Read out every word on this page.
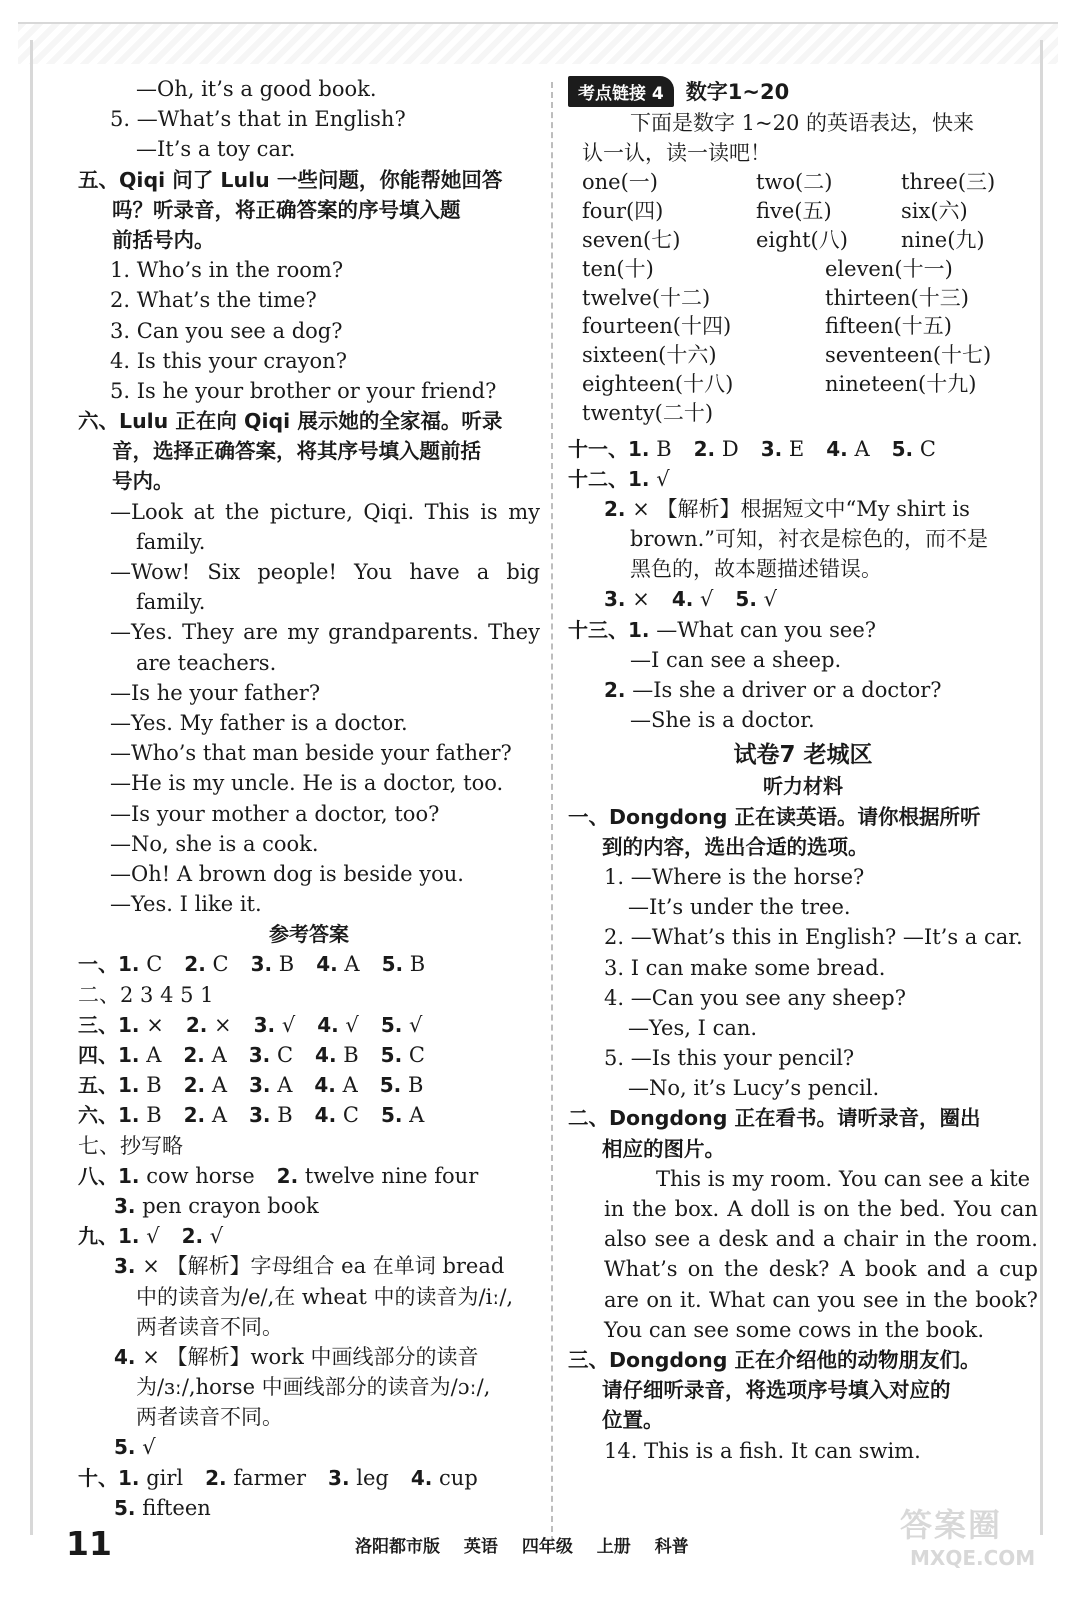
—Oh, it’s a good book.
5. —What’s that in English?
—It’s a toy car.
五、Qiqi 问了 Lulu 一些问题，你能帮她回答
吗？听录音，将正确答案的序号填入题
前括号内。
1. Who’s in the room?
2. What’s the time?
3. Can you see a dog?
4. Is this your crayon?
5. Is he your brother or your friend?
六、Lulu 正在向 Qiqi 展示她的全家福。听录
音，选择正确答案，将其序号填入题前括
号内。
—Look at the picture, Qiqi. This is my
family.
—Wow! Six people! You have a big
family.
—Yes. They are my grandparents. They
are teachers.
—Is he your father?
—Yes. My father is a doctor.
—Who’s that man beside your father?
—He is my uncle. He is a doctor, too.
—Is your mother a doctor, too?
—No, she is a cook.
—Oh! A brown dog is beside you.
—Yes. I like it.
参考答案
一、1. C 2. C 3. B 4. A 5. B
二、2 3 4 5 1
三、1. × 2. × 3. √ 4. √ 5. √
四、1. A 2. A 3. C 4. B 5. C
五、1. B 2. A 3. A 4. A 5. B
六、1. B 2. A 3. B 4. C 5. A
七、抄写略
八、1. cow horse 2. twelve nine four
3. pen crayon book
九、1. √ 2. √
3. × 【解析】字母组合 ea 在单词 bread
中的读音为/e/,在 wheat 中的读音为/iː/,
两者读音不同。
4. × 【解析】work 中画线部分的读音
为/ɜː/,horse 中画线部分的读音为/ɔː/,
两者读音不同。
5. √
十、1. girl 2. farmer 3. leg 4. cup
5. fifteen
考点链接 4	数字1~20
下面是数字 1~20 的英语表达，快来
认一认，读一读吧！
one(一)	two(二)	three(三)
four(四)	five(五)	six(六)
seven(七)	eight(八)	nine(九)
ten(十)	eleven(十一)
twelve(十二)	thirteen(十三)
fourteen(十四)	fifteen(十五)
sixteen(十六)	seventeen(十七)
eighteen(十八)	nineteen(十九)
twenty(二十)
十一、1. B 2. D 3. E 4. A 5. C
十二、1. √
2. × 【解析】根据短文中“My shirt is
brown.”可知，衬衣是棕色的，而不是
黑色的，故本题描述错误。
3. × 4. √ 5. √
十三、1. —What can you see?
—I can see a sheep.
2. —Is she a driver or a doctor?
—She is a doctor.
试卷7 老城区
听力材料
一、Dongdong 正在读英语。请你根据所听
到的内容，选出合适的选项。
1. —Where is the horse?
—It’s under the tree.
2. —What’s this in English? —It’s a car.
3. I can make some bread.
4. —Can you see any sheep?
—Yes, I can.
5. —Is this your pencil?
—No, it’s Lucy’s pencil.
二、Dongdong 正在看书。请听录音，圈出
相应的图片。
This is my room. You can see a kite
in the box. A doll is on the bed. You can
also see a desk and a chair in the room.
What’s on the desk? A book and a cup
are on it. What can you see in the book?
You can see some cows in the book.
三、Dongdong 正在介绍他的动物朋友们。
请仔细听录音，将选项序号填入对应的
位置。
14. This is a fish. It can swim.
11	洛阳都市版 英语 四年级 上册 科普
答案圈
MXQE.COM
